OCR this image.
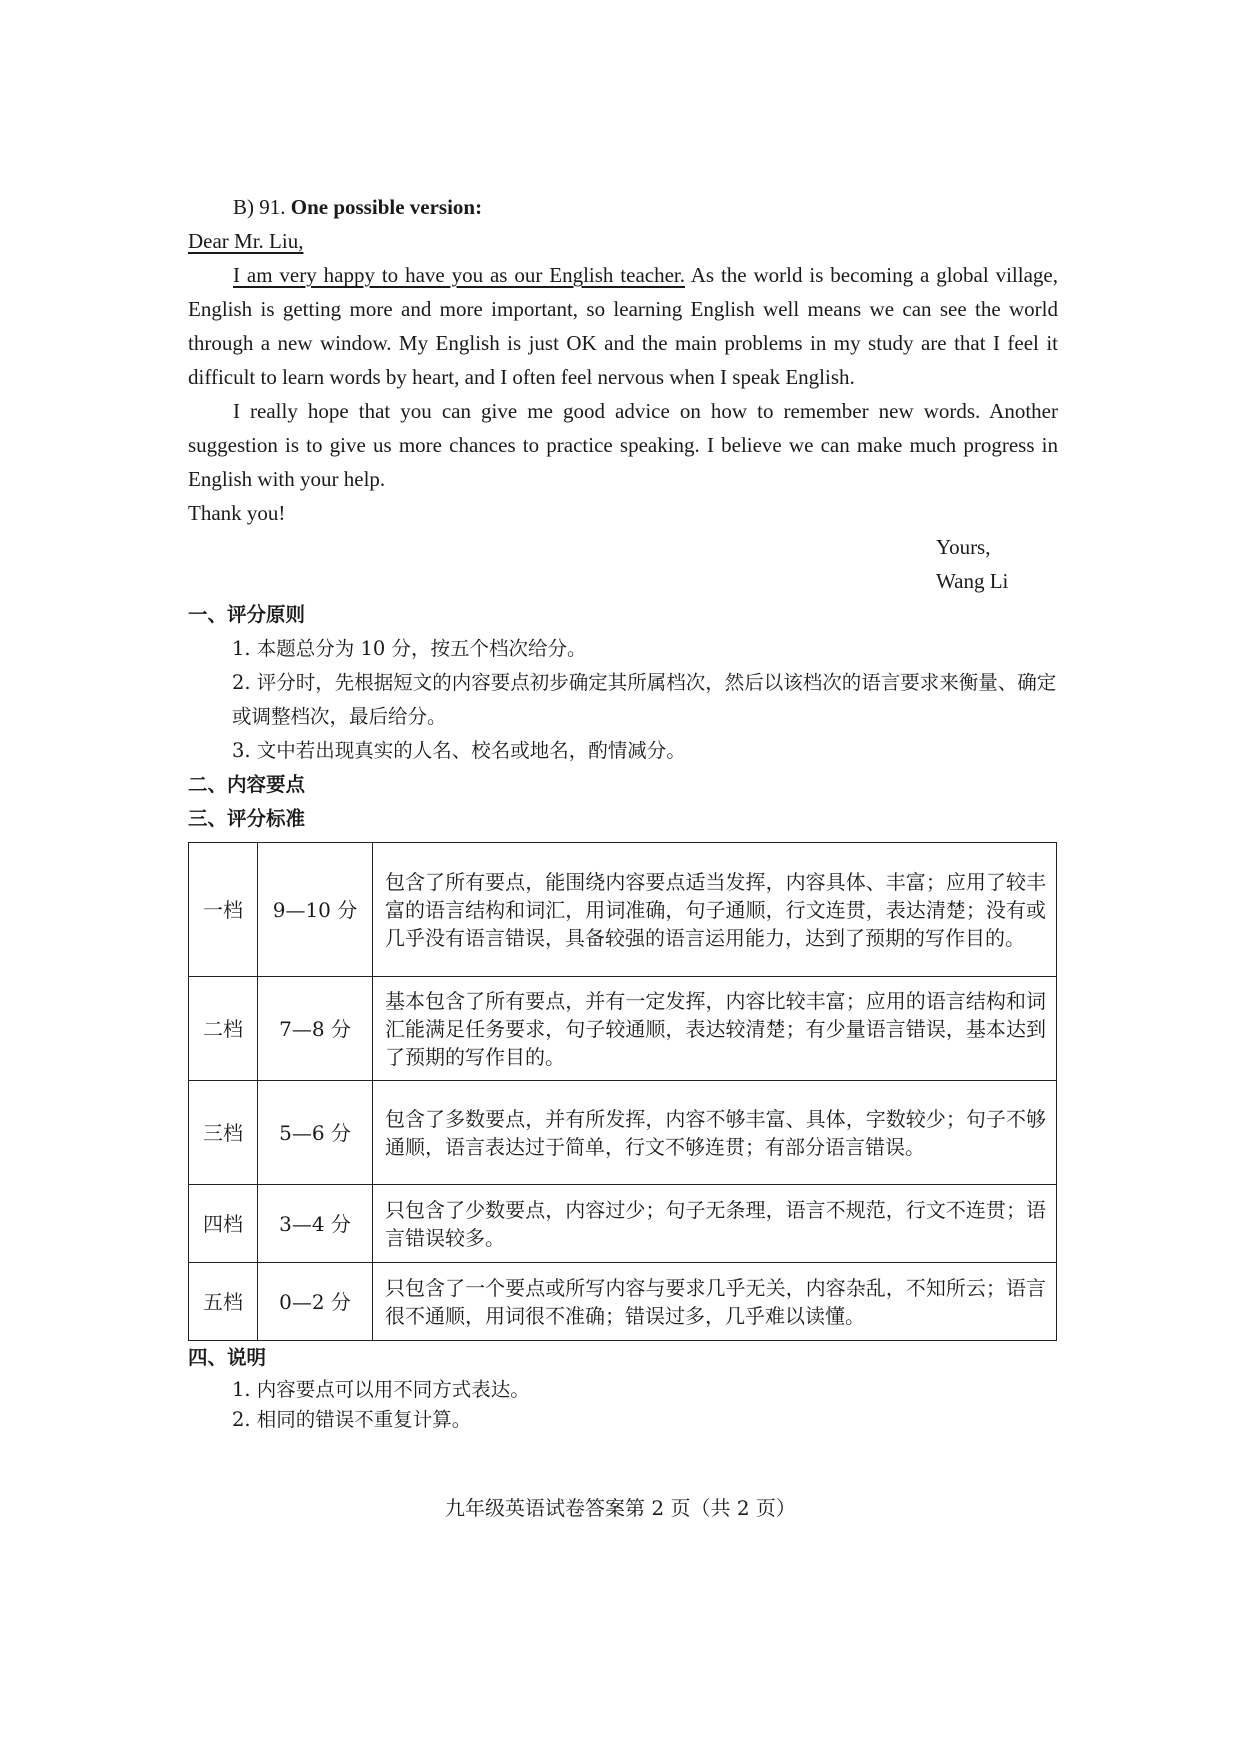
B) 91. One possible version:

Dear Mr. Liu,

I am very happy to have you as our English teacher. As the world is becoming a global village, English is getting more and more important, so learning English well means we can see the world through a new window. My English is just OK and the main problems in my study are that I feel it difficult to learn words by heart, and I often feel nervous when I speak English.

I really hope that you can give me good advice on how to remember new words. Another suggestion is to give us more chances to practice speaking. I believe we can make much progress in English with your help.

Thank you!

Yours,

Wang Li

一、评分原则

1. 本题总分为 10 分，按五个档次给分。

2. 评分时，先根据短文的内容要点初步确定其所属档次，然后以该档次的语言要求来衡量、确定或调整档次，最后给分。

3. 文中若出现真实的人名、校名或地名，酌情减分。

二、内容要点

三、评分标准

一档	9—10 分	包含了所有要点，能围绕内容要点适当发挥，内容具体、丰富；应用了较丰富的语言结构和词汇，用词准确，句子通顺，行文连贯，表达清楚；没有或几乎没有语言错误，具备较强的语言运用能力，达到了预期的写作目的。
二档	7—8 分	基本包含了所有要点，并有一定发挥，内容比较丰富；应用的语言结构和词汇能满足任务要求，句子较通顺，表达较清楚；有少量语言错误，基本达到了预期的写作目的。
三档	5—6 分	包含了多数要点，并有所发挥，内容不够丰富、具体，字数较少；句子不够通顺，语言表达过于简单，行文不够连贯；有部分语言错误。
四档	3—4 分	只包含了少数要点，内容过少；句子无条理，语言不规范，行文不连贯；语言错误较多。
五档	0—2 分	只包含了一个要点或所写内容与要求几乎无关，内容杂乱，不知所云；语言很不通顺，用词很不准确；错误过多，几乎难以读懂。

四、说明

1. 内容要点可以用不同方式表达。

2. 相同的错误不重复计算。

九年级英语试卷答案第 2 页（共 2 页）
